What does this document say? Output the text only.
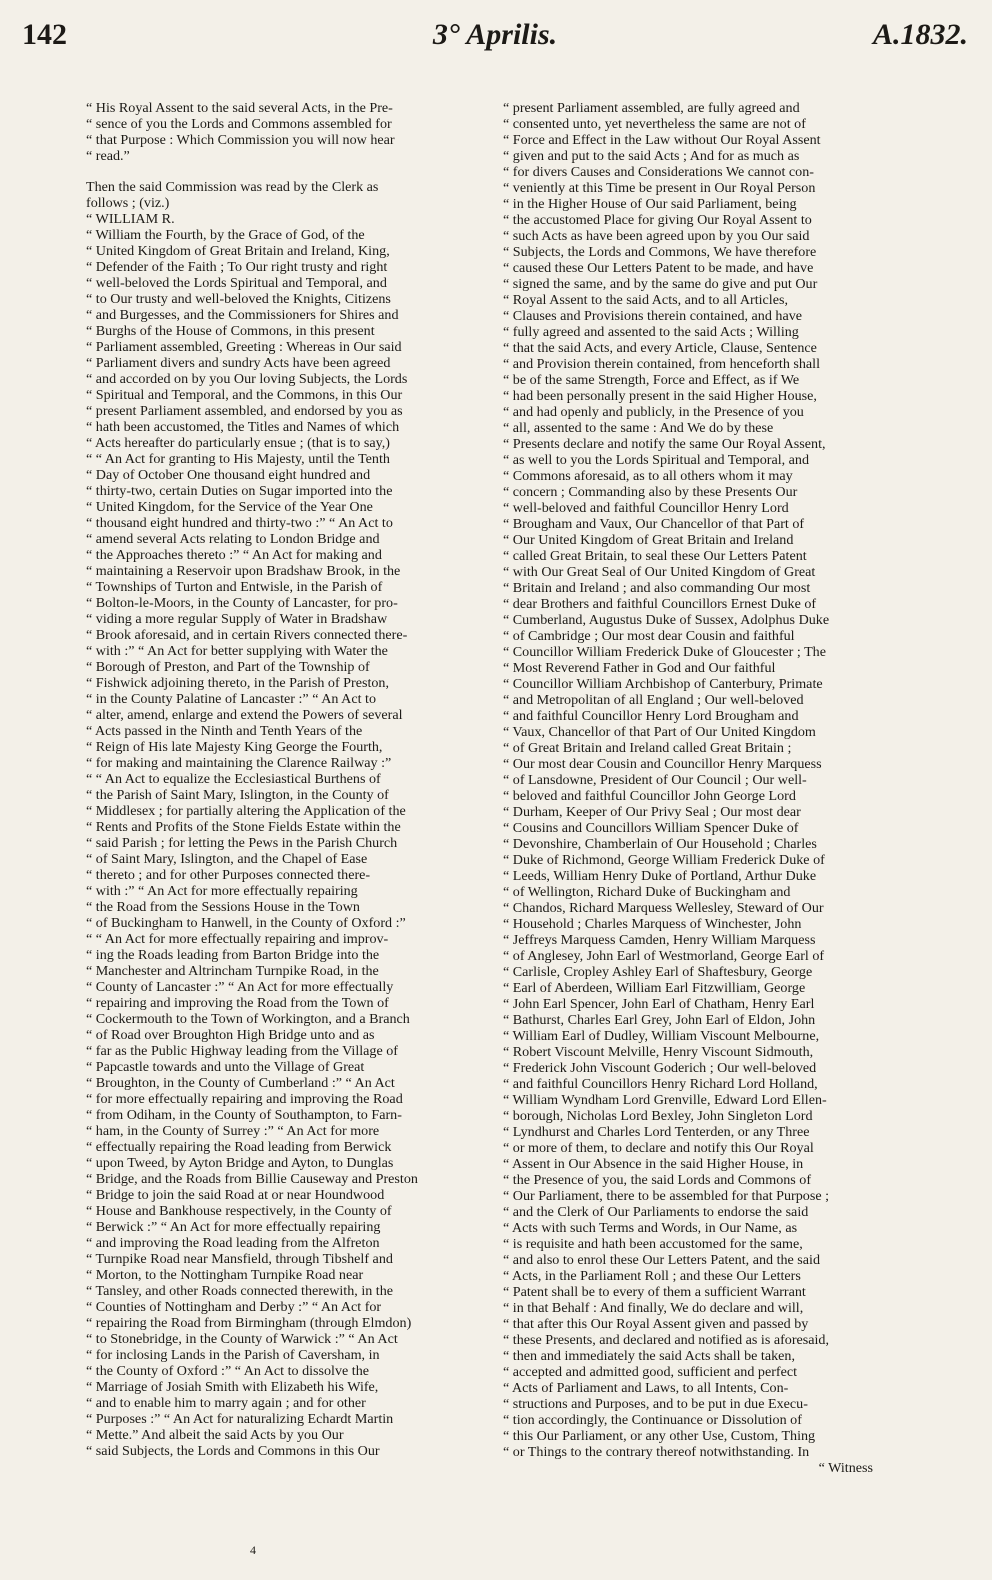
142	3° Aprilis.	A.1832.

“ His Royal Assent to the said several Acts, in the Pre-

“ sence of you the Lords and Commons assembled for

“ that Purpose : Which Commission you will now hear

“ read.”

Then the said Commission was read by the Clerk as

follows ; (viz.)

“ WILLIAM R.

“ William the Fourth, by the Grace of God, of the

“ United Kingdom of Great Britain and Ireland, King,

“ Defender of the Faith ; To Our right trusty and right

“ well-beloved the Lords Spiritual and Temporal, and

“ to Our trusty and well-beloved the Knights, Citizens

“ and Burgesses, and the Commissioners for Shires and

“ Burghs of the House of Commons, in this present

“ Parliament assembled, Greeting : Whereas in Our said

“ Parliament divers and sundry Acts have been agreed

“ and accorded on by you Our loving Subjects, the Lords

“ Spiritual and Temporal, and the Commons, in this Our

“ present Parliament assembled, and endorsed by you as

“ hath been accustomed, the Titles and Names of which

“ Acts hereafter do particularly ensue ; (that is to say,)

“ “ An Act for granting to His Majesty, until the Tenth

“ Day of October One thousand eight hundred and

“ thirty-two, certain Duties on Sugar imported into the

“ United Kingdom, for the Service of the Year One

“ thousand eight hundred and thirty-two :” “ An Act to

“ amend several Acts relating to London Bridge and

“ the Approaches thereto :” “ An Act for making and

“ maintaining a Reservoir upon Bradshaw Brook, in the

“ Townships of Turton and Entwisle, in the Parish of

“ Bolton-le-Moors, in the County of Lancaster, for pro-

“ viding a more regular Supply of Water in Bradshaw

“ Brook aforesaid, and in certain Rivers connected there-

“ with :” “ An Act for better supplying with Water the

“ Borough of Preston, and Part of the Township of

“ Fishwick adjoining thereto, in the Parish of Preston,

“ in the County Palatine of Lancaster :” “ An Act to

“ alter, amend, enlarge and extend the Powers of several

“ Acts passed in the Ninth and Tenth Years of the

“ Reign of His late Majesty King George the Fourth,

“ for making and maintaining the Clarence Railway :”

“ “ An Act to equalize the Ecclesiastical Burthens of

“ the Parish of Saint Mary, Islington, in the County of

“ Middlesex ; for partially altering the Application of the

“ Rents and Profits of the Stone Fields Estate within the

“ said Parish ; for letting the Pews in the Parish Church

“ of Saint Mary, Islington, and the Chapel of Ease

“ thereto ; and for other Purposes connected there-

“ with :” “ An Act for more effectually repairing

“ the Road from the Sessions House in the Town

“ of Buckingham to Hanwell, in the County of Oxford :”

“ “ An Act for more effectually repairing and improv-

“ ing the Roads leading from Barton Bridge into the

“ Manchester and Altrincham Turnpike Road, in the

“ County of Lancaster :” “ An Act for more effectually

“ repairing and improving the Road from the Town of

“ Cockermouth to the Town of Workington, and a Branch

“ of Road over Broughton High Bridge unto and as

“ far as the Public Highway leading from the Village of

“ Papcastle towards and unto the Village of Great

“ Broughton, in the County of Cumberland :” “ An Act

“ for more effectually repairing and improving the Road

“ from Odiham, in the County of Southampton, to Farn-

“ ham, in the County of Surrey :” “ An Act for more

“ effectually repairing the Road leading from Berwick

“ upon Tweed, by Ayton Bridge and Ayton, to Dunglas

“ Bridge, and the Roads from Billie Causeway and Preston

“ Bridge to join the said Road at or near Houndwood

“ House and Bankhouse respectively, in the County of

“ Berwick :” “ An Act for more effectually repairing

“ and improving the Road leading from the Alfreton

“ Turnpike Road near Mansfield, through Tibshelf and

“ Morton, to the Nottingham Turnpike Road near

“ Tansley, and other Roads connected therewith, in the

“ Counties of Nottingham and Derby :” “ An Act for

“ repairing the Road from Birmingham (through Elmdon)

“ to Stonebridge, in the County of Warwick :” “ An Act

“ for inclosing Lands in the Parish of Caversham, in

“ the County of Oxford :” “ An Act to dissolve the

“ Marriage of Josiah Smith with Elizabeth his Wife,

“ and to enable him to marry again ; and for other

“ Purposes :” “ An Act for naturalizing Echardt Martin

“ Mette.” And albeit the said Acts by you Our

“ said Subjects, the Lords and Commons in this Our

“ present Parliament assembled, are fully agreed and

“ consented unto, yet nevertheless the same are not of

“ Force and Effect in the Law without Our Royal Assent

“ given and put to the said Acts ; And for as much as

“ for divers Causes and Considerations We cannot con-

“ veniently at this Time be present in Our Royal Person

“ in the Higher House of Our said Parliament, being

“ the accustomed Place for giving Our Royal Assent to

“ such Acts as have been agreed upon by you Our said

“ Subjects, the Lords and Commons, We have therefore

“ caused these Our Letters Patent to be made, and have

“ signed the same, and by the same do give and put Our

“ Royal Assent to the said Acts, and to all Articles,

“ Clauses and Provisions therein contained, and have

“ fully agreed and assented to the said Acts ; Willing

“ that the said Acts, and every Article, Clause, Sentence

“ and Provision therein contained, from henceforth shall

“ be of the same Strength, Force and Effect, as if We

“ had been personally present in the said Higher House,

“ and had openly and publicly, in the Presence of you

“ all, assented to the same : And We do by these

“ Presents declare and notify the same Our Royal Assent,

“ as well to you the Lords Spiritual and Temporal, and

“ Commons aforesaid, as to all others whom it may

“ concern ; Commanding also by these Presents Our

“ well-beloved and faithful Councillor Henry Lord

“ Brougham and Vaux, Our Chancellor of that Part of

“ Our United Kingdom of Great Britain and Ireland

“ called Great Britain, to seal these Our Letters Patent

“ with Our Great Seal of Our United Kingdom of Great

“ Britain and Ireland ; and also commanding Our most

“ dear Brothers and faithful Councillors Ernest Duke of

“ Cumberland, Augustus Duke of Sussex, Adolphus Duke

“ of Cambridge ; Our most dear Cousin and faithful

“ Councillor William Frederick Duke of Gloucester ; The

“ Most Reverend Father in God and Our faithful

“ Councillor William Archbishop of Canterbury, Primate

“ and Metropolitan of all England ; Our well-beloved

“ and faithful Councillor Henry Lord Brougham and

“ Vaux, Chancellor of that Part of Our United Kingdom

“ of Great Britain and Ireland called Great Britain ;

“ Our most dear Cousin and Councillor Henry Marquess

“ of Lansdowne, President of Our Council ; Our well-

“ beloved and faithful Councillor John George Lord

“ Durham, Keeper of Our Privy Seal ; Our most dear

“ Cousins and Councillors William Spencer Duke of

“ Devonshire, Chamberlain of Our Household ; Charles

“ Duke of Richmond, George William Frederick Duke of

“ Leeds, William Henry Duke of Portland, Arthur Duke

“ of Wellington, Richard Duke of Buckingham and

“ Chandos, Richard Marquess Wellesley, Steward of Our

“ Household ; Charles Marquess of Winchester, John

“ Jeffreys Marquess Camden, Henry William Marquess

“ of Anglesey, John Earl of Westmorland, George Earl of

“ Carlisle, Cropley Ashley Earl of Shaftesbury, George

“ Earl of Aberdeen, William Earl Fitzwilliam, George

“ John Earl Spencer, John Earl of Chatham, Henry Earl

“ Bathurst, Charles Earl Grey, John Earl of Eldon, John

“ William Earl of Dudley, William Viscount Melbourne,

“ Robert Viscount Melville, Henry Viscount Sidmouth,

“ Frederick John Viscount Goderich ; Our well-beloved

“ and faithful Councillors Henry Richard Lord Holland,

“ William Wyndham Lord Grenville, Edward Lord Ellen-

“ borough, Nicholas Lord Bexley, John Singleton Lord

“ Lyndhurst and Charles Lord Tenterden, or any Three

“ or more of them, to declare and notify this Our Royal

“ Assent in Our Absence in the said Higher House, in

“ the Presence of you, the said Lords and Commons of

“ Our Parliament, there to be assembled for that Purpose ;

“ and the Clerk of Our Parliaments to endorse the said

“ Acts with such Terms and Words, in Our Name, as

“ is requisite and hath been accustomed for the same,

“ and also to enrol these Our Letters Patent, and the said

“ Acts, in the Parliament Roll ; and these Our Letters

“ Patent shall be to every of them a sufficient Warrant

“ in that Behalf : And finally, We do declare and will,

“ that after this Our Royal Assent given and passed by

“ these Presents, and declared and notified as is aforesaid,

“ then and immediately the said Acts shall be taken,

“ accepted and admitted good, sufficient and perfect

“ Acts of Parliament and Laws, to all Intents, Con-

“ structions and Purposes, and to be put in due Execu-

“ tion accordingly, the Continuance or Dissolution of

“ this Our Parliament, or any other Use, Custom, Thing

“ or Things to the contrary thereof notwithstanding. In

“ Witness

4
